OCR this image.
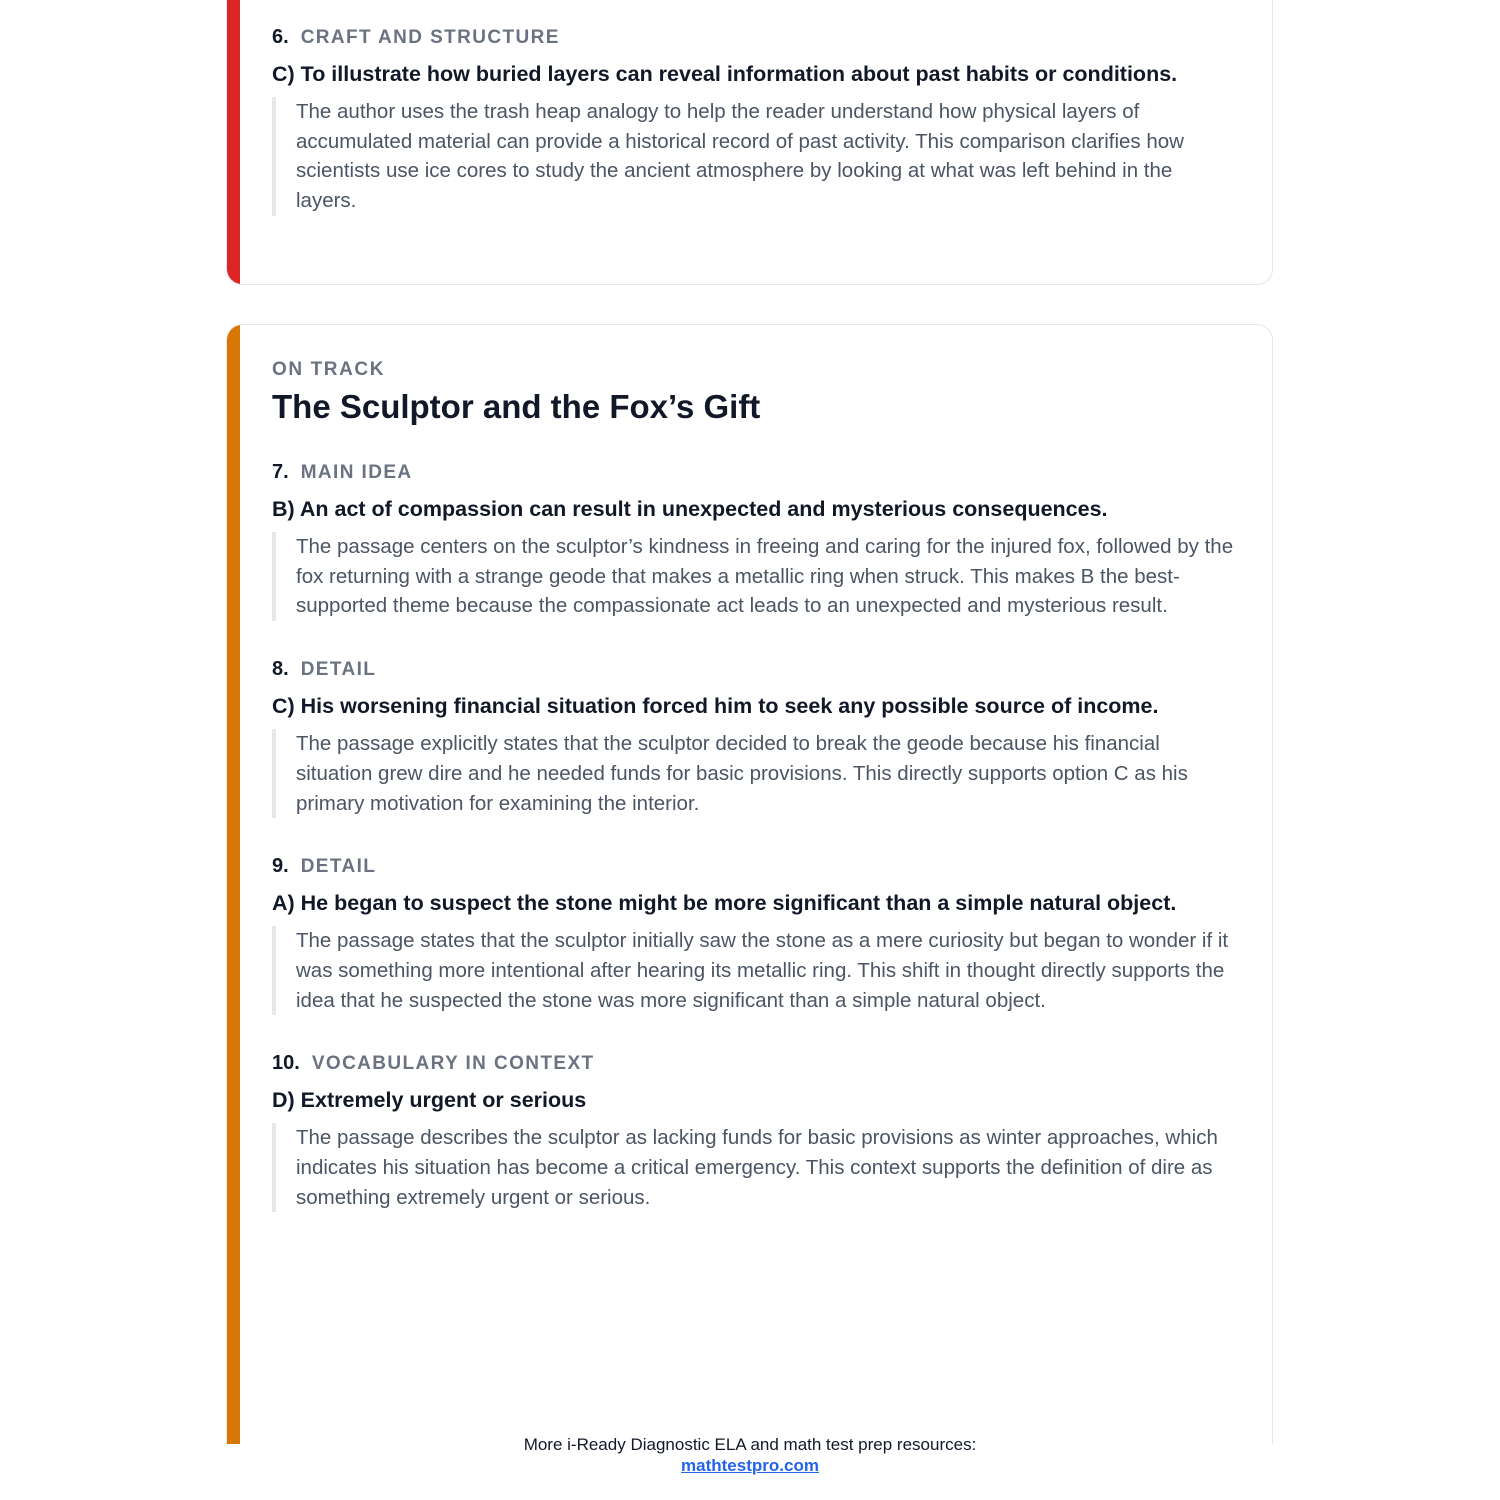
6. CRAFT AND STRUCTURE

C) To illustrate how buried layers can reveal information about past habits or conditions.

The author uses the trash heap analogy to help the reader understand how physical layers of accumulated material can provide a historical record of past activity. This comparison clarifies how scientists use ice cores to study the ancient atmosphere by looking at what was left behind in the layers.

ON TRACK
The Sculptor and the Fox’s Gift
7. MAIN IDEA

B) An act of compassion can result in unexpected and mysterious consequences.

The passage centers on the sculptor’s kindness in freeing and caring for the injured fox, followed by the fox returning with a strange geode that makes a metallic ring when struck. This makes B the best-supported theme because the compassionate act leads to an unexpected and mysterious result.

8. DETAIL

C) His worsening financial situation forced him to seek any possible source of income.

The passage explicitly states that the sculptor decided to break the geode because his financial situation grew dire and he needed funds for basic provisions. This directly supports option C as his primary motivation for examining the interior.

9. DETAIL

A) He began to suspect the stone might be more significant than a simple natural object.

The passage states that the sculptor initially saw the stone as a mere curiosity but began to wonder if it was something more intentional after hearing its metallic ring. This shift in thought directly supports the idea that he suspected the stone was more significant than a simple natural object.

10. VOCABULARY IN CONTEXT

D) Extremely urgent or serious

The passage describes the sculptor as lacking funds for basic provisions as winter approaches, which indicates his situation has become a critical emergency. This context supports the definition of dire as something extremely urgent or serious.

More i-Ready Diagnostic ELA and math test prep resources:
mathtestpro.com
